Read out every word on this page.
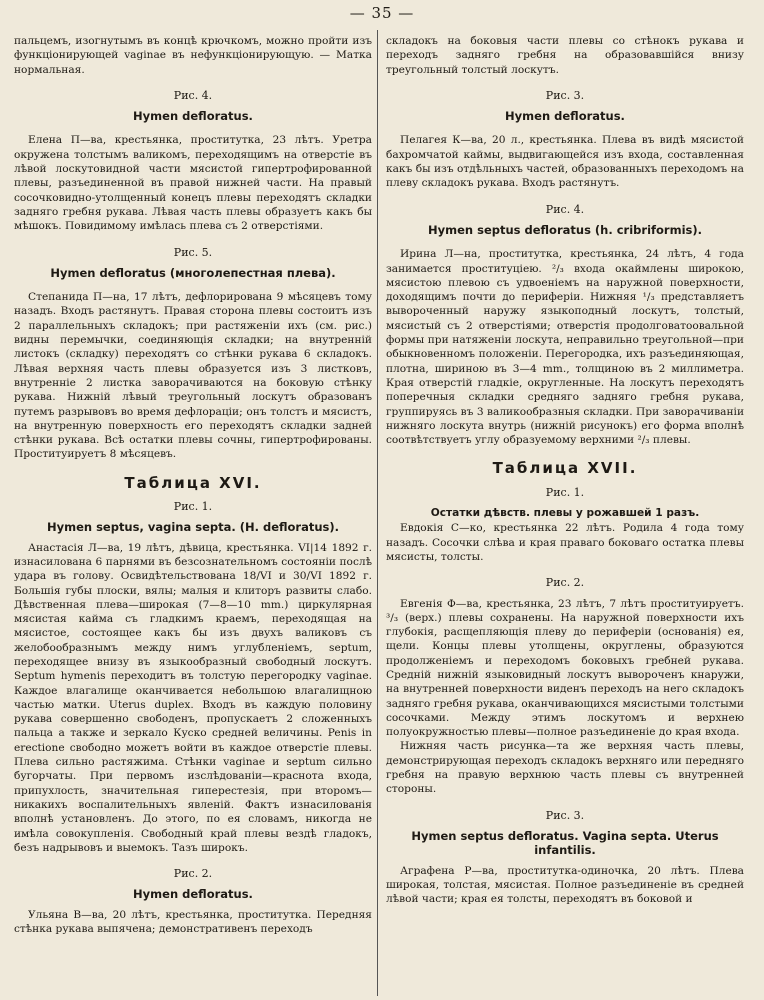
— 35 —

пальцемъ, изогнутымъ въ концѣ крючкомъ, можно пройти изъ функціонирующей vaginae въ нефункціонирующую. — Матка нормальная.

Рис. 4.
Hymen defloratus.

Елена П—ва, крестьянка, проститутка, 23 лѣтъ. Уретра окружена толстымъ валикомъ, переходящимъ на отверстіе въ лѣвой лоскутовидной части мясистой гипертрофированной плевы, разъединенной въ правой нижней части. На правый сосочковидно-утолщенный конецъ плевы переходятъ складки задняго гребня рукава. Лѣвая часть плевы образуетъ какъ бы мѣшокъ. Повидимому имѣлась плева съ 2 отверстіями.

Рис. 5.
Hymen defloratus (многолепестная плева).

Степанида П—на, 17 лѣтъ, дефлорирована 9 мѣсяцевъ тому назадъ. Входъ растянутъ. Правая сторона плевы состоитъ изъ 2 параллельныхъ складокъ; при растяженіи ихъ (см. рис.) видны перемычки, соединяющія складки; на внутренній листокъ (складку) переходятъ со стѣнки рукава 6 складокъ. Лѣвая верхняя часть плевы образуется изъ 3 листковъ, внутренніе 2 листка заворачиваются на боковую стѣнку рукава. Нижній лѣвый треугольный лоскутъ образованъ путемъ разрывовъ во время дефлораціи; онъ толстъ и мясистъ, на внутренную поверхность его переходятъ складки задней стѣнки рукава. Всѣ остатки плевы сочны, гипертрофированы. Проституируетъ 8 мѣсяцевъ.

Таблица XVI.
Рис. 1.
Hymen septus, vagina septa. (H. defloratus).

Анастасія Л—ва, 19 лѣтъ, дѣвица, крестьянка. VI|14 1892 г. изнасилована 6 парнями въ безсознательномъ состояніи послѣ удара въ голову. Освидѣтельствована 18/VI и 30/VI 1892 г. Большія губы плоски, вялы; малыя и клиторъ развиты слабо. Дѣвственная плева—широкая (7—8—10 mm.) циркулярная мясистая кайма съ гладкимъ краемъ, переходящая на мясистое, состоящее какъ бы изъ двухъ валиковъ съ желобообразнымъ между нимъ углубленіемъ, septum, переходящее внизу въ языкообразный свободный лоскутъ. Septum hymenis переходитъ въ толстую перегородку vaginae. Каждое влагалище оканчивается небольшою влагалищною частью матки. Uterus duplex. Входъ въ каждую половину рукава совершенно свободенъ, пропускаетъ 2 сложенныхъ пальца а также и зеркало Куско средней величины. Penis in erectione свободно можетъ войти въ каждое отверстіе плевы. Плева сильно растяжима. Стѣнки vaginae и septum сильно бугорчаты. При первомъ изслѣдованіи—краснота входа, припухлость, значительная гиперестезія, при второмъ—никакихъ воспалительныхъ явленій. Фактъ изнасилованія вполнѣ установленъ. До этого, по ея словамъ, никогда не имѣла совокупленія. Свободный край плевы вездѣ гладокъ, безъ надрывовъ и выемокъ. Тазъ широкъ.

Рис. 2.
Hymen defloratus.

Ульяна В—ва, 20 лѣтъ, крестьянка, проститутка. Передняя стѣнка рукава выпячена; демонстративенъ переходъ

складокъ на боковыя части плевы со стѣнокъ рукава и переходъ задняго гребня на образовавшійся внизу треугольный толстый лоскутъ.

Рис. 3.
Hymen defloratus.

Пелагея К—ва, 20 л., крестьянка. Плева въ видѣ мясистой бахромчатой каймы, выдвигающейся изъ входа, составленная какъ бы изъ отдѣльныхъ частей, образованныхъ переходомъ на плеву складокъ рукава. Входъ растянутъ.

Рис. 4.
Hymen septus defloratus (h. cribriformis).

Ирина Л—на, проститутка, крестьянка, 24 лѣтъ, 4 года занимается проституціею. ²/₃ входа окаймлены широкою, мясистою плевою съ удвоеніемъ на наружной поверхности, доходящимъ почти до периферіи. Нижняя ¹/₃ представляетъ вывороченный наружу языкоподный лоскутъ, толстый, мясистый съ 2 отверстіями; отверстія продолговатоовальной формы при натяженіи лоскута, неправильно треугольной—при обыкновенномъ положеніи. Перегородка, ихъ разъединяющая, плотна, шириною въ 3—4 mm., толщиною въ 2 миллиметра. Края отверстій гладкіе, округленные. На лоскутъ переходятъ поперечныя складки средняго задняго гребня рукава, группируясь въ 3 валикообразныя складки. При заворачиваніи нижняго лоскута внутрь (нижній рисунокъ) его форма вполнѣ соотвѣтствуетъ углу образуемому верхними ²/₃ плевы.

Таблица XVII.
Рис. 1.
Остатки дѣвств. плевы у рожавшей 1 разъ.

Евдокія С—ко, крестьянка 22 лѣтъ. Родила 4 года тому назадъ. Сосочки слѣва и края праваго боковаго остатка плевы мясисты, толсты.

Рис. 2.

Евгенія Ф—ва, крестьянка, 23 лѣтъ, 7 лѣтъ проституируетъ. ³/₃ (верх.) плевы сохранены. На наружной поверхности ихъ глубокія, расщепляющія плеву до периферіи (основанія) ея, щели. Концы плевы утолщены, округлены, образуются продолженіемъ и переходомъ боковыхъ гребней рукава. Средній нижній языковидный лоскутъ вывороченъ кнаружи, на внутренней поверхности виденъ переходъ на него складокъ задняго гребня рукава, оканчивающихся мясистыми толстыми сосочками. Между этимъ лоскутомъ и верхнею полуокружностью плевы—полное разъединеніе до края входа.

Нижняя часть рисунка—та же верхняя часть плевы, демонстрирующая переходъ складокъ верхняго или передняго гребня на правую верхнюю часть плевы съ внутренней стороны.

Рис. 3.
Hymen septus defloratus. Vagina septa. Uterus infantilis.

Аграфена Р—ва, проститутка-одиночка, 20 лѣтъ. Плева широкая, толстая, мясистая. Полное разъединеніе въ средней лѣвой части; края ея толсты, переходятъ въ боковой и
